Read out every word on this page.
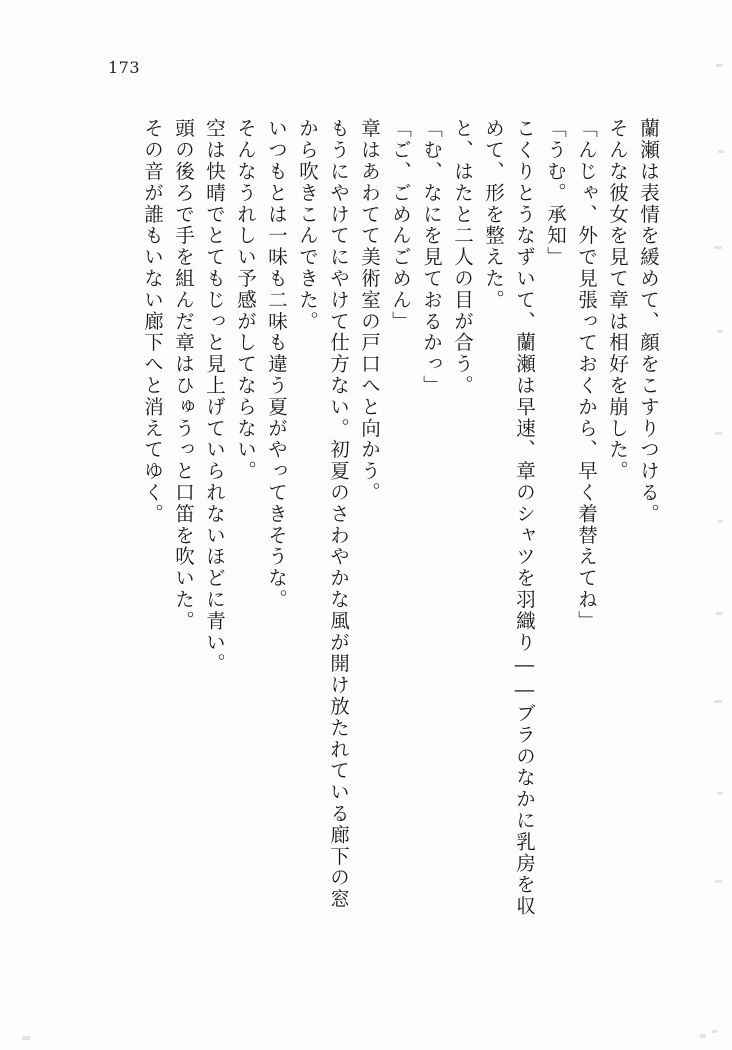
173
蘭瀬は表情を緩めて、顔をこすりつける。
そんな彼女を見て章は相好を崩した。
「んじゃ、外で見張っておくから、早く着替えてね」
「うむ。承知」
こくりとうなずいて、蘭瀬は早速、章のシャツを羽織り――ブラのなかに乳房を収
めて、形を整えた。
と、はたと二人の目が合う。
「む、なにを見ておるかっ」
「ご、ごめんごめん」
章はあわてて美術室の戸口へと向かう。
もうにやけてにやけて仕方ない。初夏のさわやかな風が開け放たれている廊下の窓
から吹きこんできた。
いつもとは一味も二味も違う夏がやってきそうな。
そんなうれしい予感がしてならない。
空は快晴でとてもじっと見上げていられないほどに青い。
頭の後ろで手を組んだ章はひゅうっと口笛を吹いた。
その音が誰もいない廊下へと消えてゆく。
